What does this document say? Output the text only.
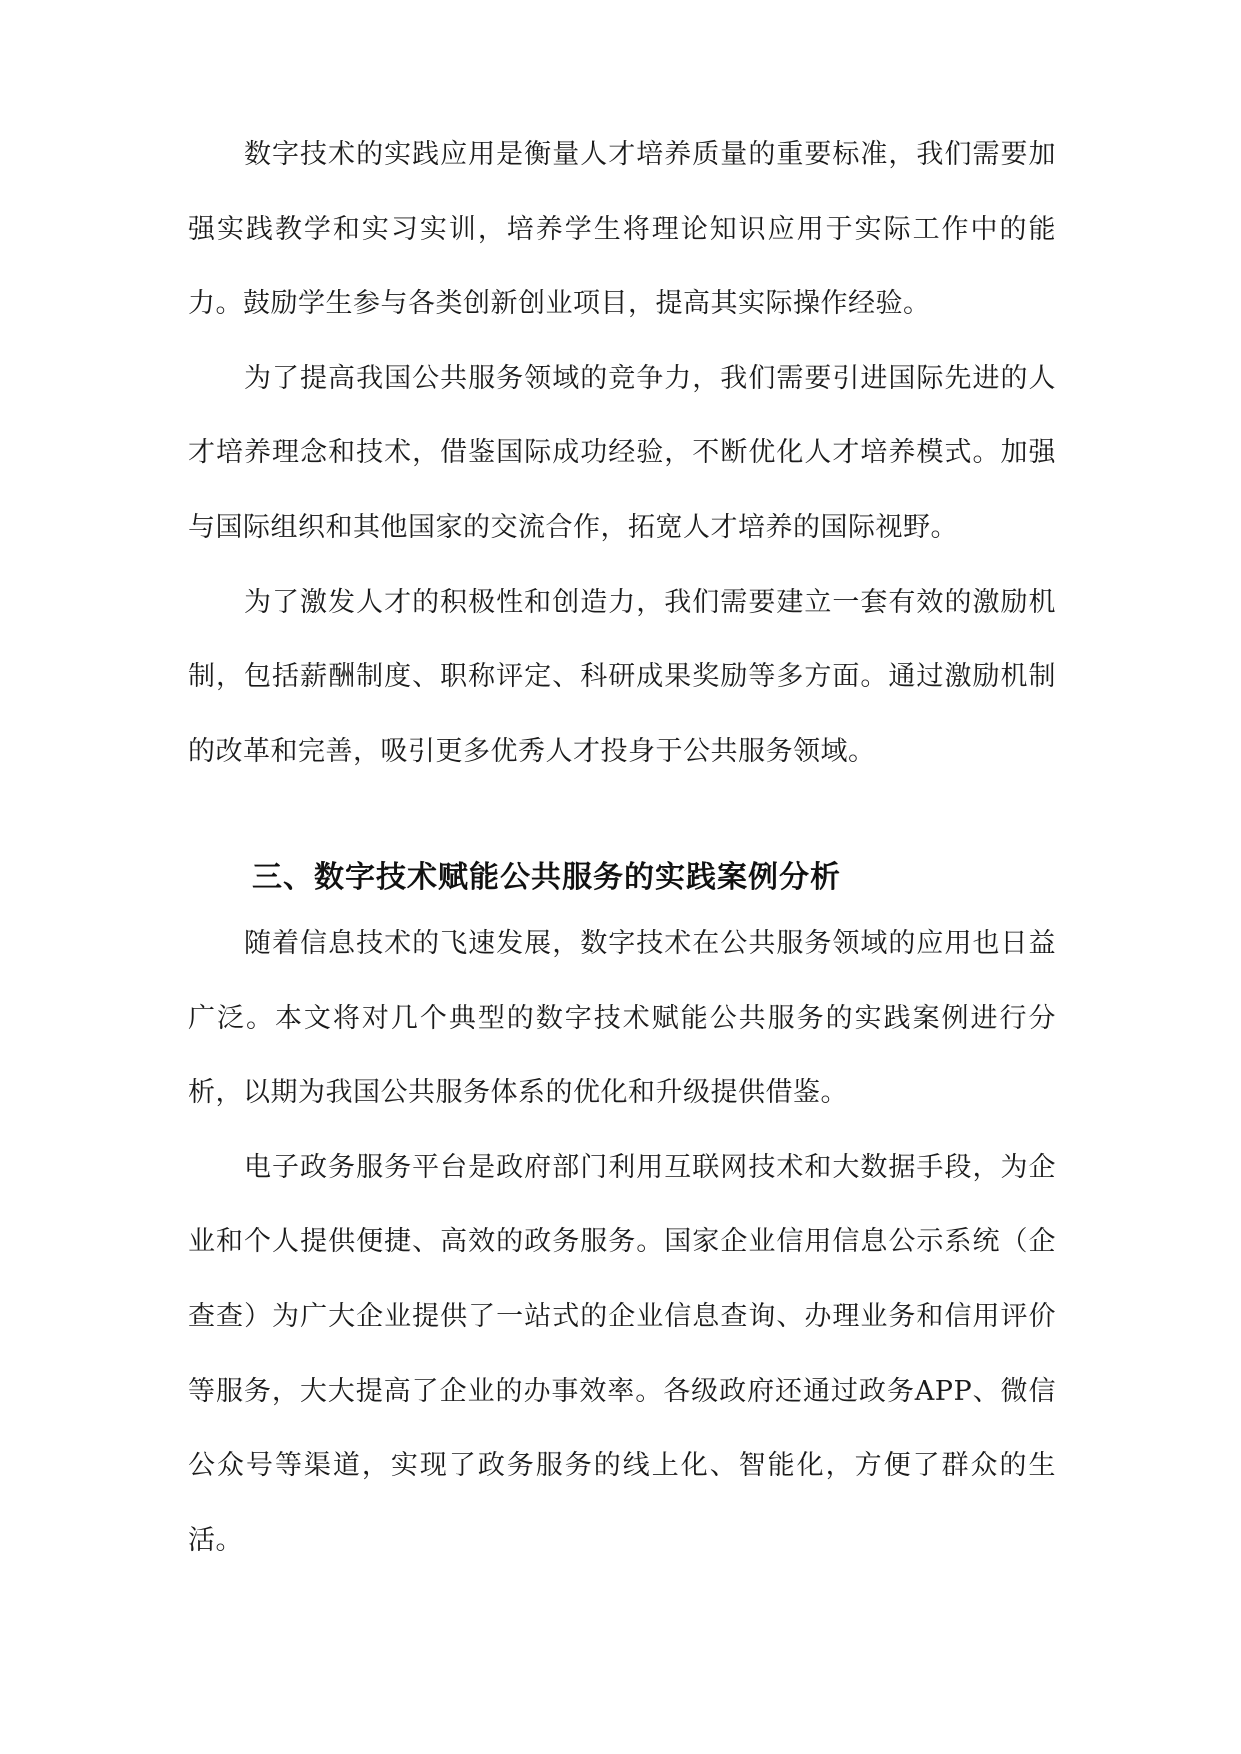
数字技术的实践应用是衡量人才培养质量的重要标准，我们需要加强实践教学和实习实训，培养学生将理论知识应用于实际工作中的能力。鼓励学生参与各类创新创业项目，提高其实际操作经验。

为了提高我国公共服务领域的竞争力，我们需要引进国际先进的人才培养理念和技术，借鉴国际成功经验，不断优化人才培养模式。加强与国际组织和其他国家的交流合作，拓宽人才培养的国际视野。

为了激发人才的积极性和创造力，我们需要建立一套有效的激励机制，包括薪酬制度、职称评定、科研成果奖励等多方面。通过激励机制的改革和完善，吸引更多优秀人才投身于公共服务领域。

三、数字技术赋能公共服务的实践案例分析

随着信息技术的飞速发展，数字技术在公共服务领域的应用也日益广泛。本文将对几个典型的数字技术赋能公共服务的实践案例进行分析，以期为我国公共服务体系的优化和升级提供借鉴。

电子政务服务平台是政府部门利用互联网技术和大数据手段，为企业和个人提供便捷、高效的政务服务。国家企业信用信息公示系统（企查查）为广大企业提供了一站式的企业信息查询、办理业务和信用评价等服务，大大提高了企业的办事效率。各级政府还通过政务APP、微信公众号等渠道，实现了政务服务的线上化、智能化，方便了群众的生活。
